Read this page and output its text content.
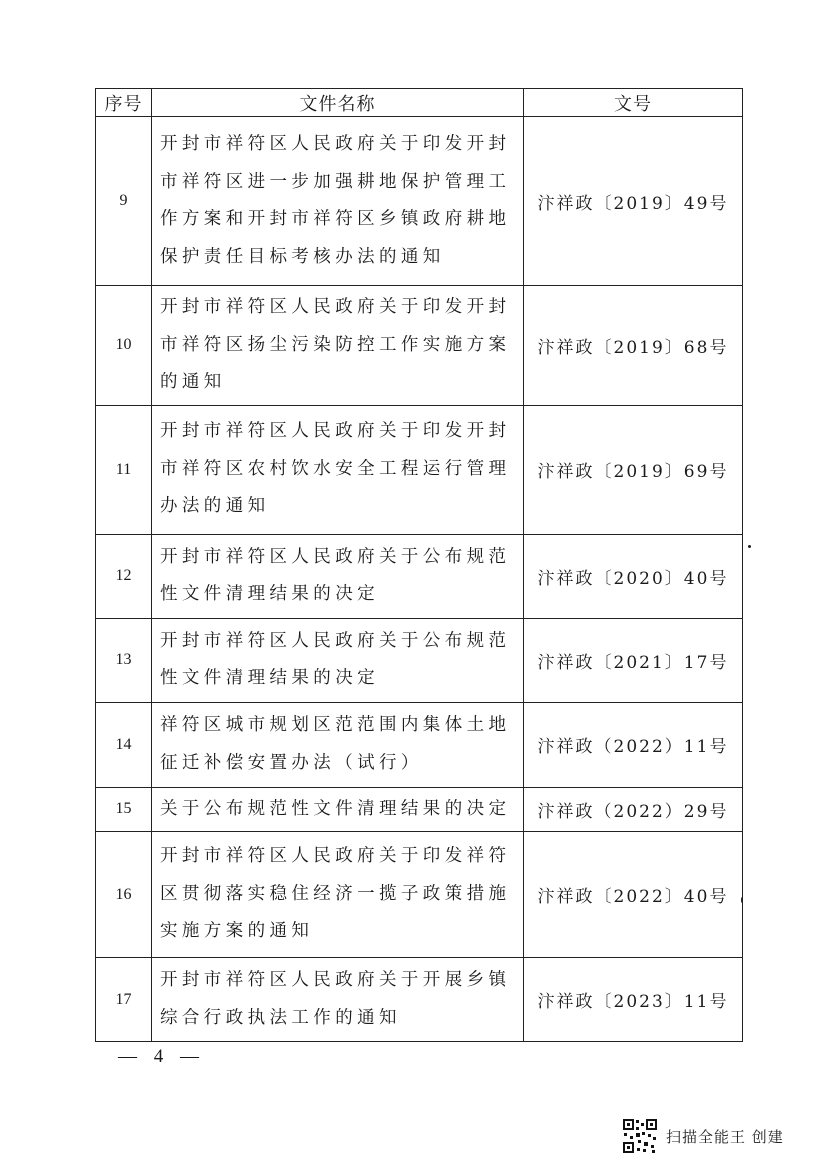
序号	文件名称	文号
9	开封市祥符区人民政府关于印发开封市祥符区进一步加强耕地保护管理工作方案和开封市祥符区乡镇政府耕地保护责任目标考核办法的通知	汴祥政〔2019〕49号
10	开封市祥符区人民政府关于印发开封市祥符区扬尘污染防控工作实施方案的通知	汴祥政〔2019〕68号
11	开封市祥符区人民政府关于印发开封市祥符区农村饮水安全工程运行管理办法的通知	汴祥政〔2019〕69号
12	开封市祥符区人民政府关于公布规范性文件清理结果的决定	汴祥政〔2020〕40号
13	开封市祥符区人民政府关于公布规范性文件清理结果的决定	汴祥政〔2021〕17号
14	祥符区城市规划区范范围内集体土地征迁补偿安置办法（试行）	汴祥政（2022）11号
15	关于公布规范性文件清理结果的决定	汴祥政（2022）29号
16	开封市祥符区人民政府关于印发祥符区贯彻落实稳住经济一揽子政策措施实施方案的通知	汴祥政〔2022〕40号
17	开封市祥符区人民政府关于开展乡镇综合行政执法工作的通知	汴祥政〔2023〕11号
— 4 —
扫描全能王 创建
